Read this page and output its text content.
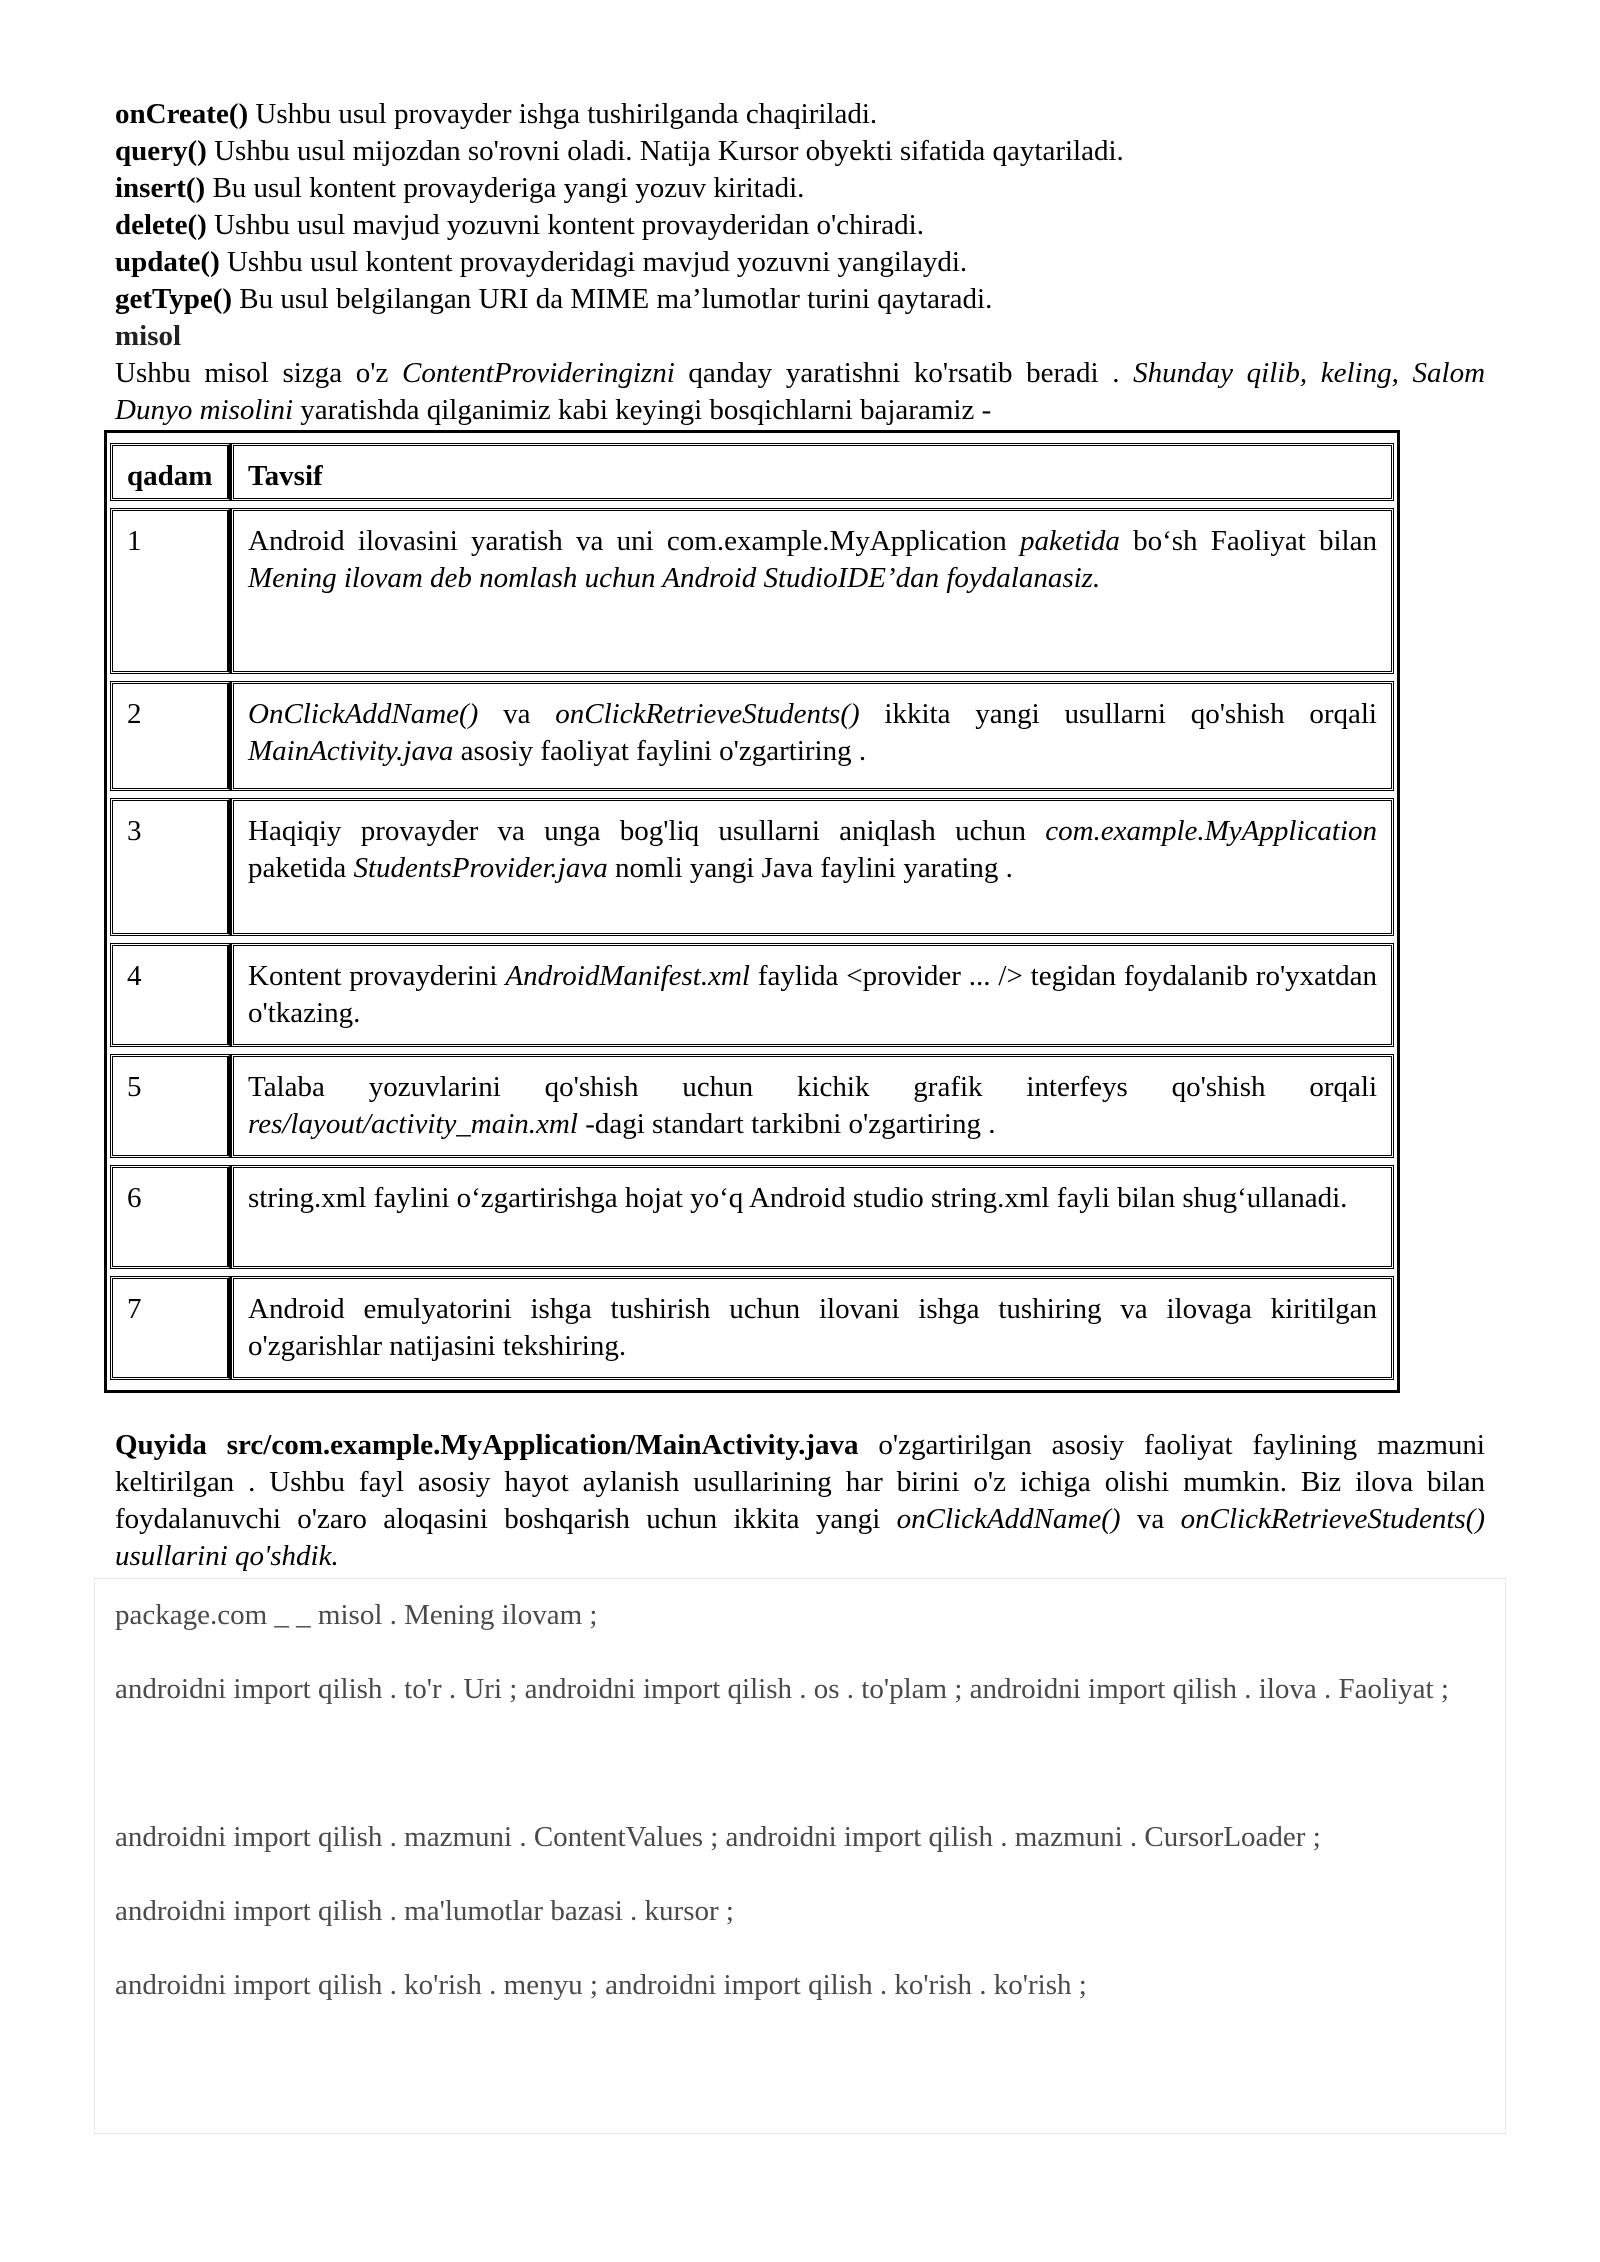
onCreate() Ushbu usul provayder ishga tushirilganda chaqiriladi.

query() Ushbu usul mijozdan so'rovni oladi. Natija Kursor obyekti sifatida qaytariladi.

insert() Bu usul kontent provayderiga yangi yozuv kiritadi.

delete() Ushbu usul mavjud yozuvni kontent provayderidan o'chiradi.

update() Ushbu usul kontent provayderidagi mavjud yozuvni yangilaydi.

getType() Bu usul belgilangan URI da MIME ma’lumotlar turini qaytaradi.

misol

Ushbu misol sizga o'z ContentProvideringizni qanday yaratishni ko'rsatib beradi . Shunday qilib, keling, Salom Dunyo misolini yaratishda qilganimiz kabi keyingi bosqichlarni bajaramiz -

qadam	Tavsif

1	Android ilovasini yaratish va uni com.example.MyApplication paketida bo‘sh Faoliyat bilan Mening ilovam deb nomlash uchun Android StudioIDE’dan foydalanasiz.

2	OnClickAddName() va onClickRetrieveStudents() ikkita yangi usullarni qo'shish orqali MainActivity.java asosiy faoliyat faylini o'zgartiring .

3	Haqiqiy provayder va unga bog'liq usullarni aniqlash uchun com.example.MyApplication paketida StudentsProvider.java nomli yangi Java faylini yarating .

4	Kontent provayderini AndroidManifest.xml faylida <provider ... /> tegidan foydalanib ro'yxatdan o'tkazing.

5	Talaba yozuvlarini qo'shish uchun kichik grafik interfeys qo'shish orqali res/layout/activity_main.xml -dagi standart tarkibni o'zgartiring .

6	string.xml faylini o‘zgartirishga hojat yo‘q Android studio string.xml fayli bilan shug‘ullanadi.

7	Android emulyatorini ishga tushirish uchun ilovani ishga tushiring va ilovaga kiritilgan o'zgarishlar natijasini tekshiring.
Quyida src/com.example.MyApplication/MainActivity.java o'zgartirilgan asosiy faoliyat faylining mazmuni keltirilgan . Ushbu fayl asosiy hayot aylanish usullarining har birini o'z ichiga olishi mumkin. Biz ilova bilan foydalanuvchi o'zaro aloqasini boshqarish uchun ikkita yangi onClickAddName() va onClickRetrieveStudents() usullarini qo'shdik.

package.com _ _ misol . Mening ilovam ;

androidni import qilish . to'r . Uri ; androidni import qilish . os . to'plam ; androidni import qilish . ilova . Faoliyat ;

androidni import qilish . mazmuni . ContentValues ; androidni import qilish . mazmuni . CursorLoader ;

androidni import qilish . ma'lumotlar bazasi . kursor ;

androidni import qilish . ko'rish . menyu ; androidni import qilish . ko'rish . ko'rish ;
